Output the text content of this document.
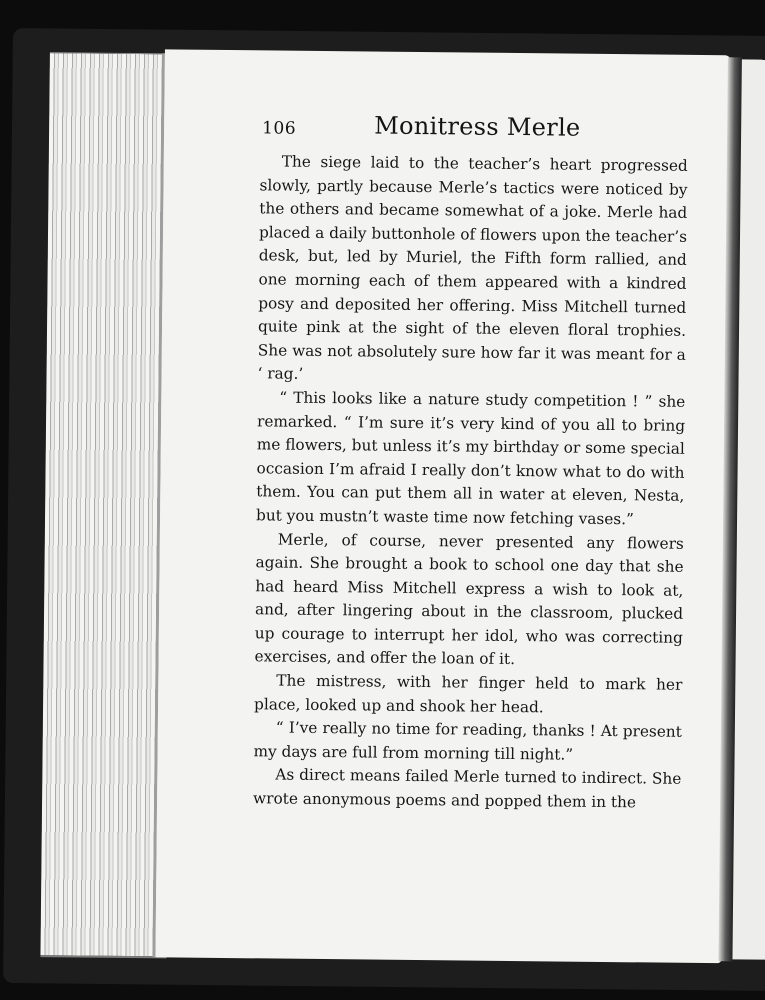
106	Monitress Merle

The siege laid to the teacher’s heart progressed slowly, partly because Merle’s tactics were noticed by the others and became somewhat of a joke. Merle had placed a daily buttonhole of flowers upon the teacher’s desk, but, led by Muriel, the Fifth form rallied, and one morning each of them appeared with a kindred posy and deposited her offering. Miss Mitchell turned quite pink at the sight of the eleven floral trophies. She was not absolutely sure how far it was meant for a ‘ rag.’

“ This looks like a nature study competition ! ” she remarked. “ I’m sure it’s very kind of you all to bring me flowers, but unless it’s my birthday or some special occasion I’m afraid I really don’t know what to do with them. You can put them all in water at eleven, Nesta, but you mustn’t waste time now fetching vases.”

Merle, of course, never presented any flowers again. She brought a book to school one day that she had heard Miss Mitchell express a wish to look at, and, after lingering about in the classroom, plucked up courage to interrupt her idol, who was correcting exercises, and offer the loan of it.

The mistress, with her finger held to mark her place, looked up and shook her head.

“ I’ve really no time for reading, thanks ! At present my days are full from morning till night.”

As direct means failed Merle turned to indirect. She wrote anonymous poems and popped them in the
